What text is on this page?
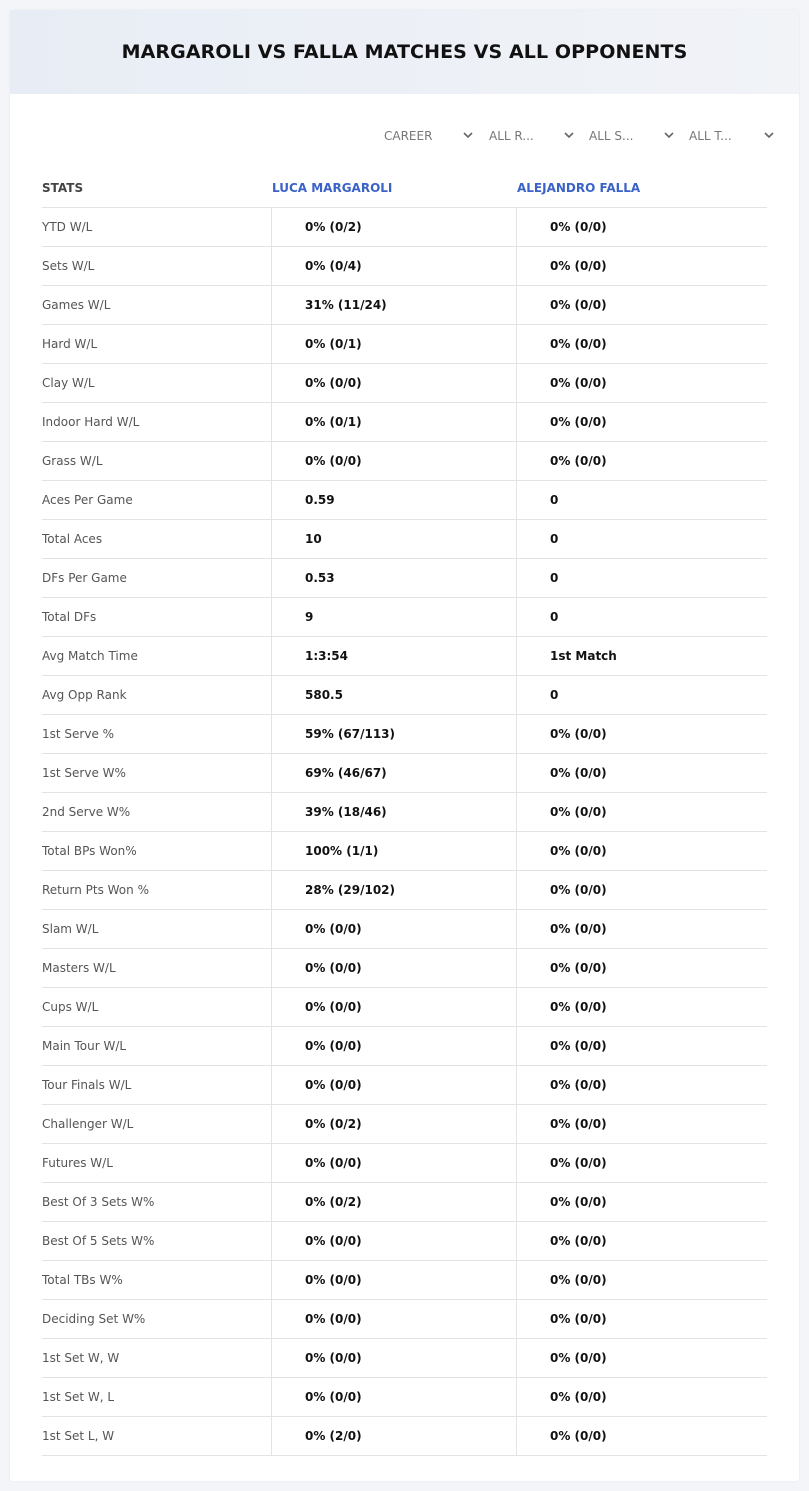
MARGAROLI VS FALLA MATCHES VS ALL OPPONENTS
CAREER	ALL R...	ALL S...	ALL T...
STATS	LUCA MARGAROLI	ALEJANDRO FALLA
YTD W/L	0% (0/2)	0% (0/0)
Sets W/L	0% (0/4)	0% (0/0)
Games W/L	31% (11/24)	0% (0/0)
Hard W/L	0% (0/1)	0% (0/0)
Clay W/L	0% (0/0)	0% (0/0)
Indoor Hard W/L	0% (0/1)	0% (0/0)
Grass W/L	0% (0/0)	0% (0/0)
Aces Per Game	0.59	0
Total Aces	10	0
DFs Per Game	0.53	0
Total DFs	9	0
Avg Match Time	1:3:54	1st Match
Avg Opp Rank	580.5	0
1st Serve %	59% (67/113)	0% (0/0)
1st Serve W%	69% (46/67)	0% (0/0)
2nd Serve W%	39% (18/46)	0% (0/0)
Total BPs Won%	100% (1/1)	0% (0/0)
Return Pts Won %	28% (29/102)	0% (0/0)
Slam W/L	0% (0/0)	0% (0/0)
Masters W/L	0% (0/0)	0% (0/0)
Cups W/L	0% (0/0)	0% (0/0)
Main Tour W/L	0% (0/0)	0% (0/0)
Tour Finals W/L	0% (0/0)	0% (0/0)
Challenger W/L	0% (0/2)	0% (0/0)
Futures W/L	0% (0/0)	0% (0/0)
Best Of 3 Sets W%	0% (0/2)	0% (0/0)
Best Of 5 Sets W%	0% (0/0)	0% (0/0)
Total TBs W%	0% (0/0)	0% (0/0)
Deciding Set W%	0% (0/0)	0% (0/0)
1st Set W, W	0% (0/0)	0% (0/0)
1st Set W, L	0% (0/0)	0% (0/0)
1st Set L, W	0% (2/0)	0% (0/0)
